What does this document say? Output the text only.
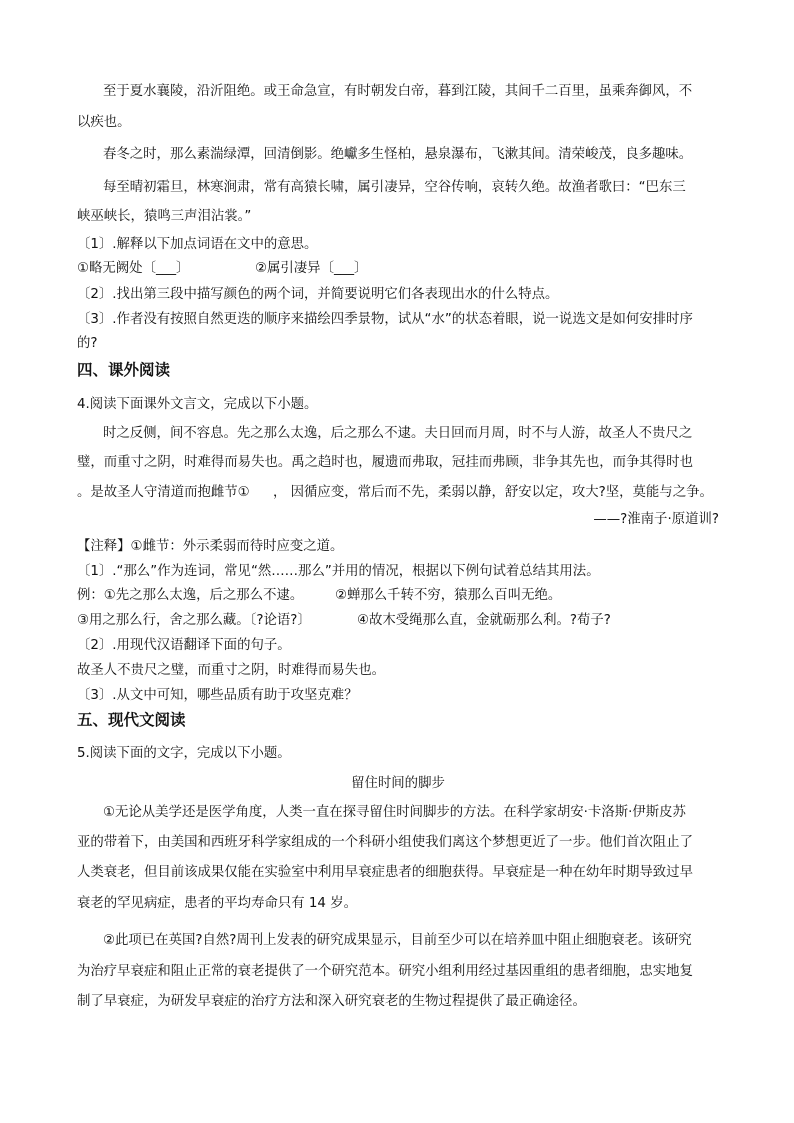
至于夏水襄陵，沿沂阻绝。或王命急宣，有时朝发白帝，暮到江陵，其间千二百里，虽乘奔御风，不
以疾也。
春冬之时，那么素湍绿潭，回清倒影。绝巘多生怪柏，悬泉瀑布，飞漱其间。清荣峻茂，良多趣味。
每至晴初霜旦，林寒涧肃，常有高猿长啸，属引凄异，空谷传响，哀转久绝。故渔者歌曰：“巴东三
峡巫峡长，猿鸣三声泪沾裳。”
〔1〕.解释以下加点词语在文中的意思。
①略无阙处〔___〕	②属引凄异〔___〕
〔2〕.找出第三段中描写颜色的两个词，并简要说明它们各表现出水的什么特点。
〔3〕.作者没有按照自然更迭的顺序来描绘四季景物，试从“水”的状态着眼，说一说选文是如何安排时序
的?
四、课外阅读
4.阅读下面课外文言文，完成以下小题。
时之反侧，间不容息。先之那么太逸，后之那么不逮。夫日回而月周，时不与人游，故圣人不贵尺之
璧，而重寸之阴，时难得而易失也。禹之趋时也，履遗而弗取，冠挂而弗顾，非争其先也，而争其得时也
。是故圣人守清道而抱雌节① ， 因循应变，常后而不先，柔弱以静，舒安以定，攻大?坚，莫能与之争。
——?淮南子·原道训?
【注释】①雌节：外示柔弱而待时应变之道。
〔1〕.“那么”作为连词，常见“然……那么”并用的情况，根据以下例句试着总结其用法。
例：①先之那么太逸，后之那么不逮。 ②蝉那么千转不穷，猿那么百叫无绝。
③用之那么行，舍之那么藏。〔?论语?〕	④故木受绳那么直，金就砺那么利。?荀子?
〔2〕.用现代汉语翻译下面的句子。
故圣人不贵尺之璧，而重寸之阴，时难得而易失也。
〔3〕.从文中可知，哪些品质有助于攻坚克难？
五、现代文阅读
5.阅读下面的文字，完成以下小题。
留住时间的脚步
①无论从美学还是医学角度，人类一直在探寻留住时间脚步的方法。在科学家胡安·卡洛斯·伊斯皮苏
亚的带着下，由美国和西班牙科学家组成的一个科研小组使我们离这个梦想更近了一步。他们首次阻止了
人类衰老，但目前该成果仅能在实验室中利用早衰症患者的细胞获得。早衰症是一种在幼年时期导致过早
衰老的罕见病症，患者的平均寿命只有 14 岁。
②此项已在英国?自然?周刊上发表的研究成果显示，目前至少可以在培养皿中阻止细胞衰老。该研究
为治疗早衰症和阻止正常的衰老提供了一个研究范本。研究小组利用经过基因重组的患者细胞，忠实地复
制了早衰症，为研发早衰症的治疗方法和深入研究衰老的生物过程提供了最正确途径。
